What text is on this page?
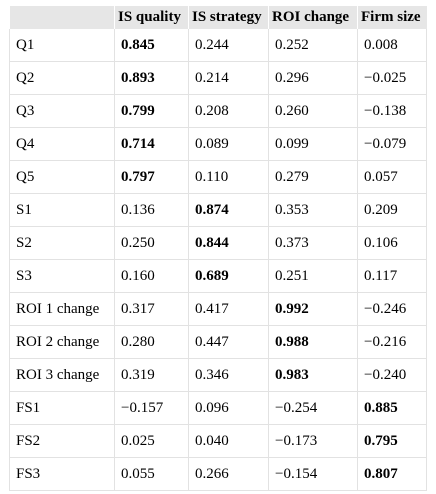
	IS quality	IS strategy	ROI change	Firm size
Q1	0.845	0.244	0.252	0.008
Q2	0.893	0.214	0.296	−0.025
Q3	0.799	0.208	0.260	−0.138
Q4	0.714	0.089	0.099	−0.079
Q5	0.797	0.110	0.279	0.057
S1	0.136	0.874	0.353	0.209
S2	0.250	0.844	0.373	0.106
S3	0.160	0.689	0.251	0.117
ROI 1 change	0.317	0.417	0.992	−0.246
ROI 2 change	0.280	0.447	0.988	−0.216
ROI 3 change	0.319	0.346	0.983	−0.240
FS1	−0.157	0.096	−0.254	0.885
FS2	0.025	0.040	−0.173	0.795
FS3	0.055	0.266	−0.154	0.807
